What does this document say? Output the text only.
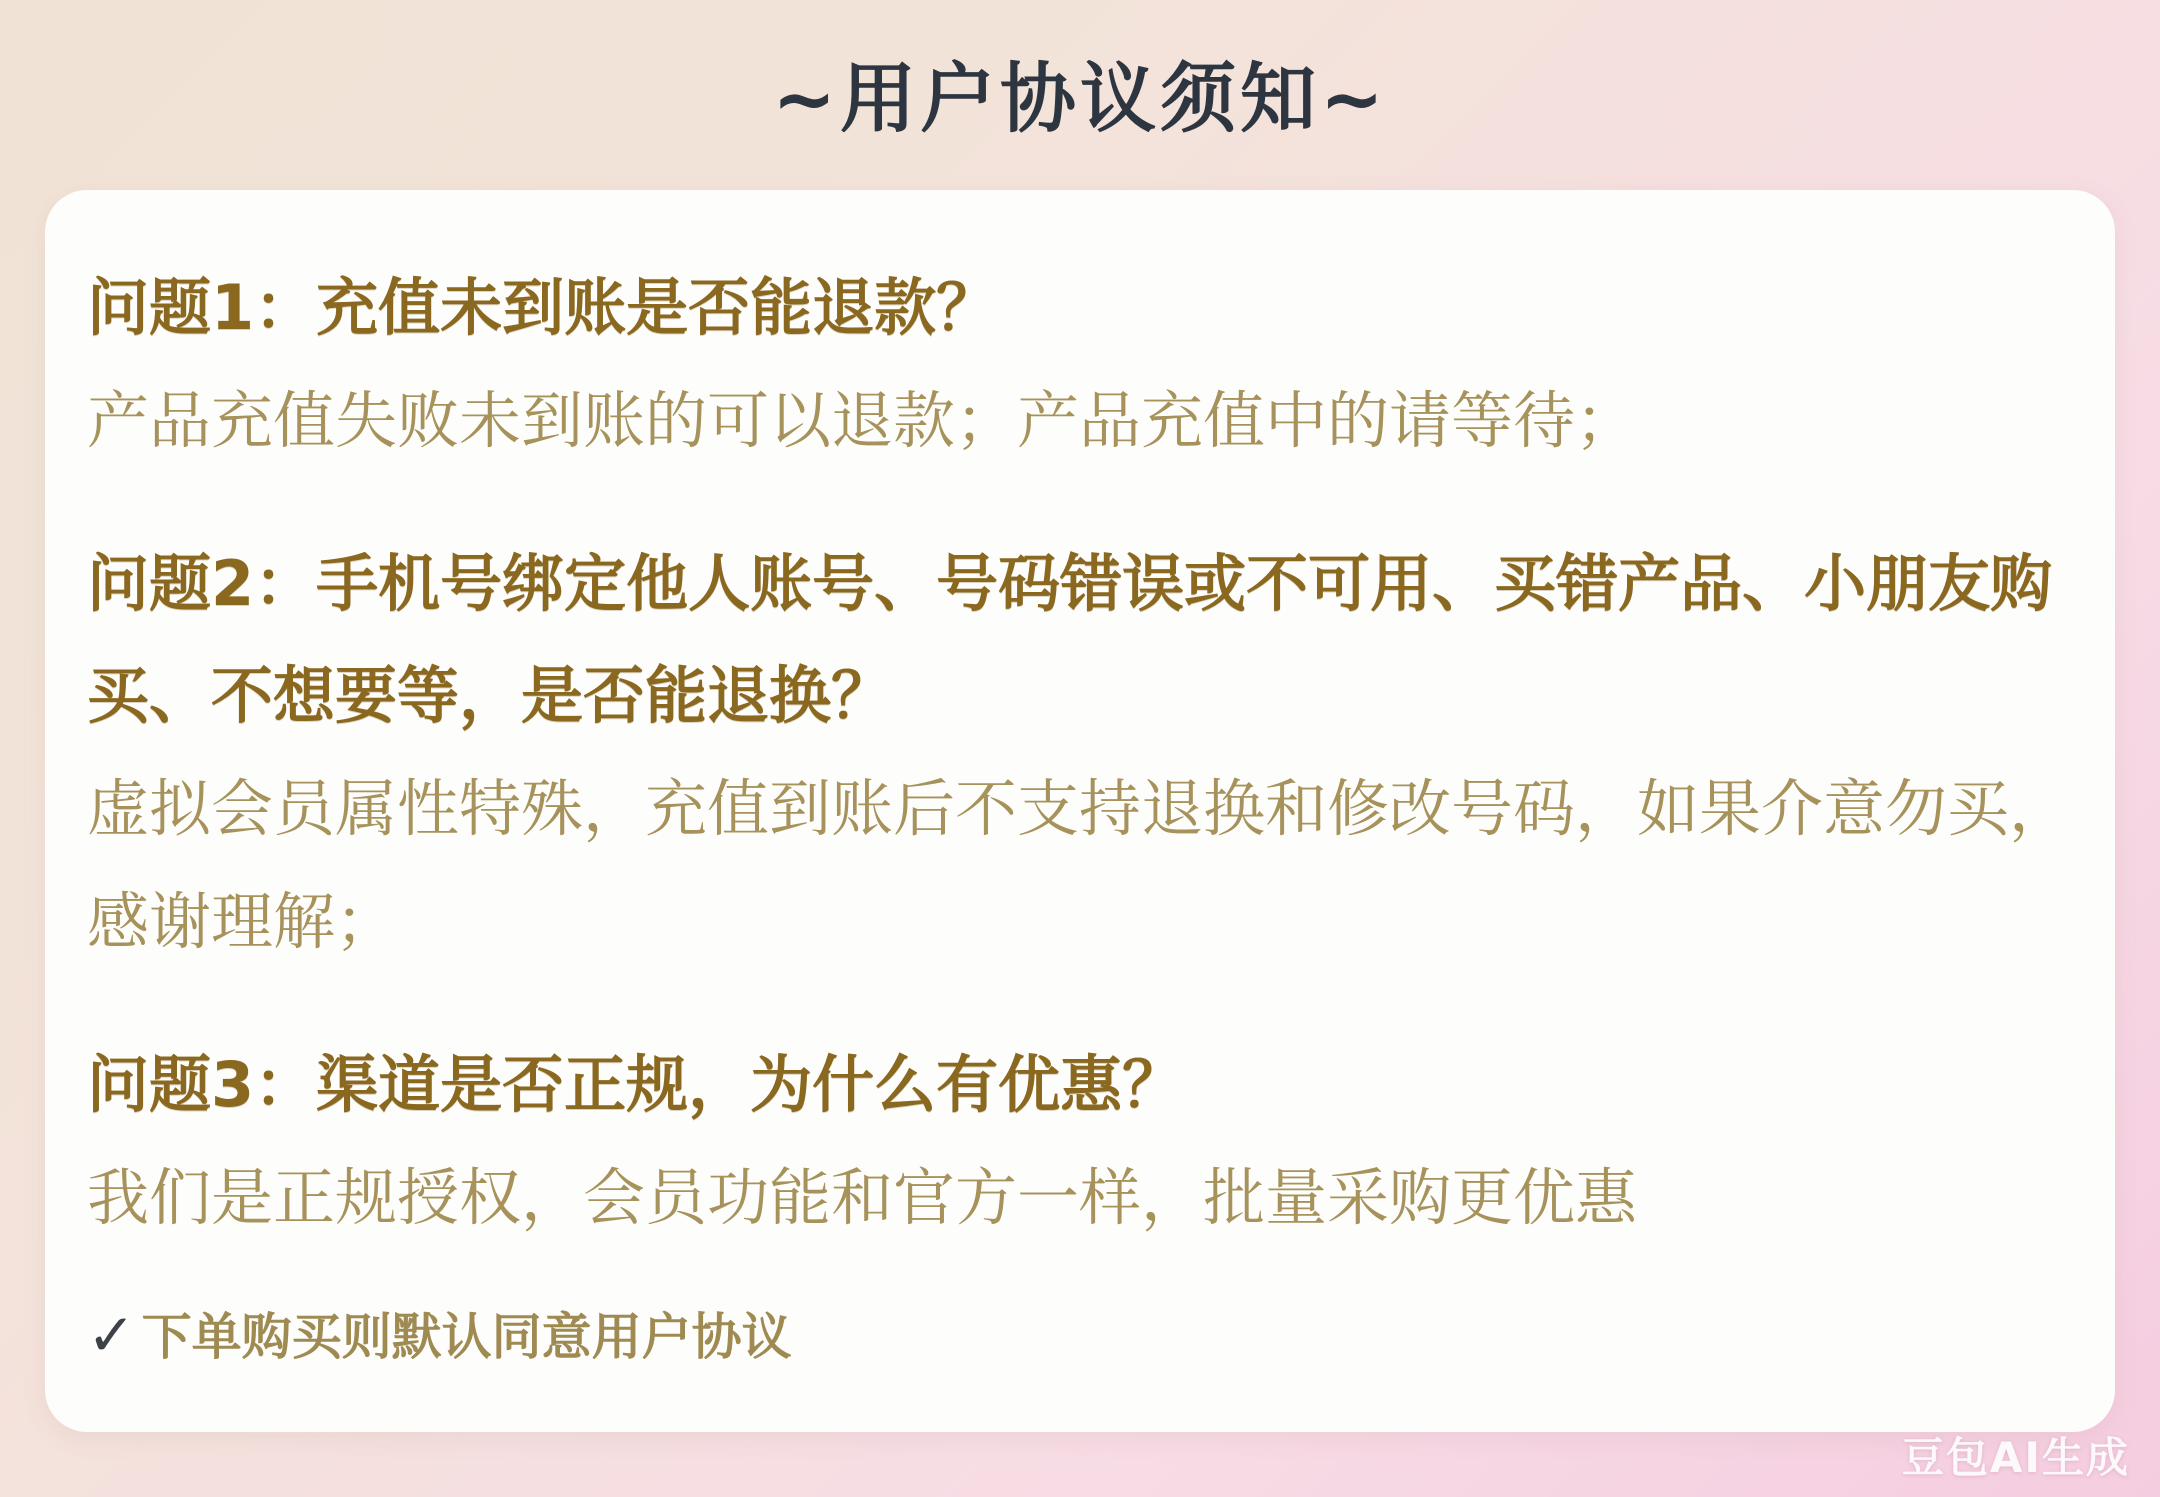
~用户协议须知~
问题1：充值未到账是否能退款？
产品充值失败未到账的可以退款；产品充值中的请等待；
问题2：手机号绑定他人账号、号码错误或不可用、买错产品、小朋友购买、不想要等，是否能退换？
虚拟会员属性特殊，充值到账后不支持退换和修改号码，如果介意勿买，感谢理解；
问题3：渠道是否正规，为什么有优惠？
我们是正规授权，会员功能和官方一样，批量采购更优惠
✓ 下单购买则默认同意用户协议
豆包AI生成
